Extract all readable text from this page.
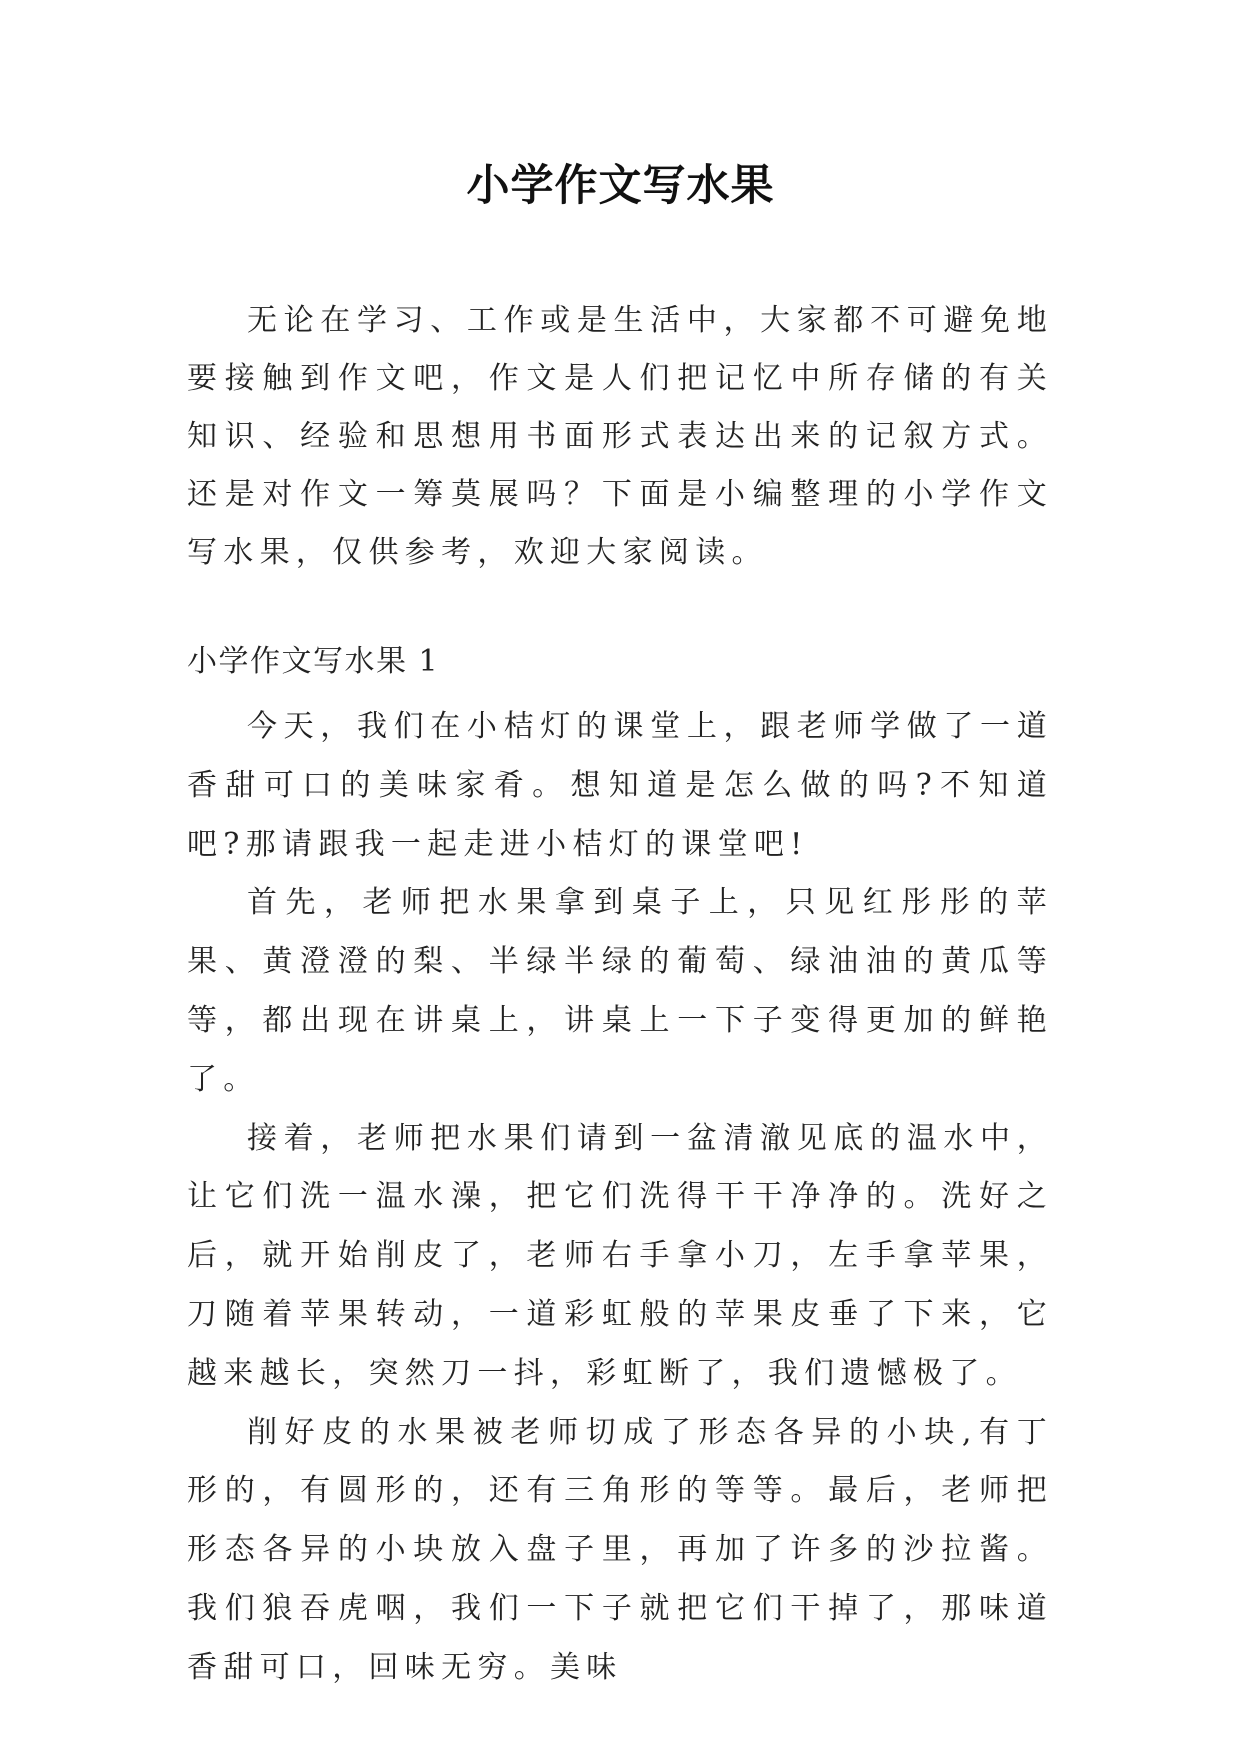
小学作文写水果

无论在学习、工作或是生活中，大家都不可避免地要接触到作文吧，作文是人们把记忆中所存储的有关知识、经验和思想用书面形式表达出来的记叙方式。还是对作文一筹莫展吗？下面是小编整理的小学作文写水果，仅供参考，欢迎大家阅读。

小学作文写水果 1

今天，我们在小桔灯的课堂上，跟老师学做了一道香甜可口的美味家肴。想知道是怎么做的吗?不知道吧?那请跟我一起走进小桔灯的课堂吧!

首先，老师把水果拿到桌子上，只见红彤彤的苹果、黄澄澄的梨、半绿半绿的葡萄、绿油油的黄瓜等等，都出现在讲桌上，讲桌上一下子变得更加的鲜艳了。

接着，老师把水果们请到一盆清澈见底的温水中，让它们洗一温水澡，把它们洗得干干净净的。洗好之后，就开始削皮了，老师右手拿小刀，左手拿苹果，刀随着苹果转动，一道彩虹般的苹果皮垂了下来，它越来越长，突然刀一抖，彩虹断了，我们遗憾极了。

削好皮的水果被老师切成了形态各异的小块,有丁形的，有圆形的，还有三角形的等等。最后，老师把形态各异的小块放入盘子里，再加了许多的沙拉酱。我们狼吞虎咽，我们一下子就把它们干掉了，那味道香甜可口，回味无穷。美味
